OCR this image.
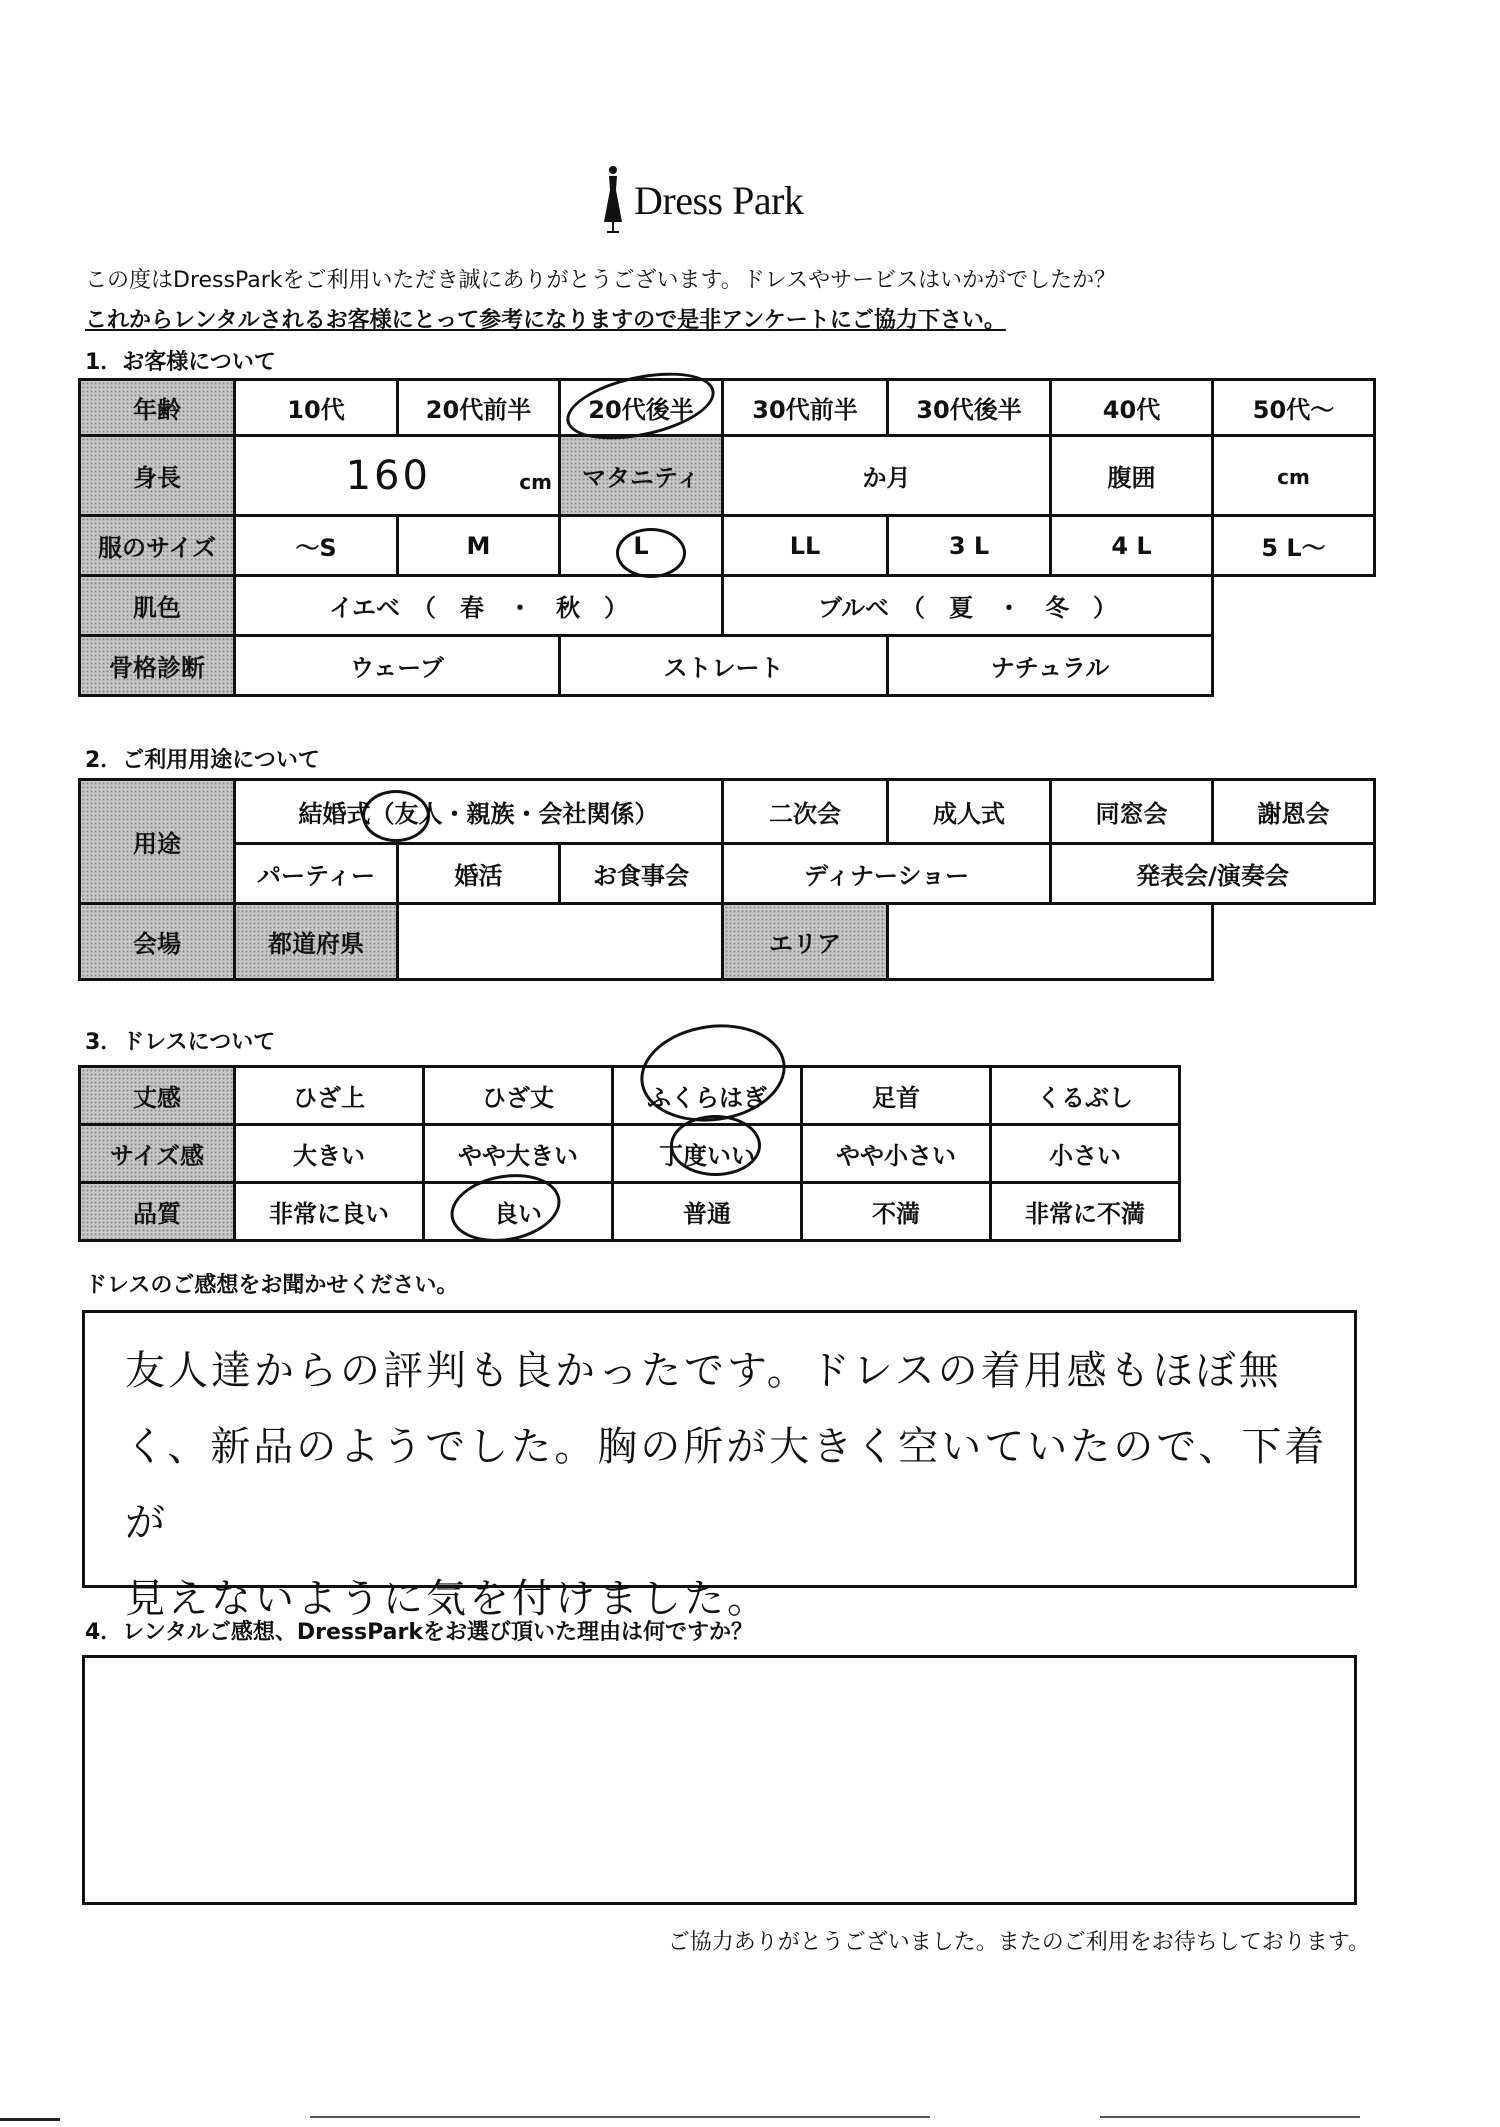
Dress Park
この度はDressParkをご利用いただき誠にありがとうございます。ドレスやサービスはいかがでしたか？
これからレンタルされるお客様にとって参考になりますので是非アンケートにご協力下さい。
1．お客様について
年齢	10代	20代前半	20代後半	30代前半	30代後半	40代	50代～
身長	160 cm		マタニティ	か月		腹囲	cm
服のサイズ	～S	M	L	LL	3 L	4 L	5 L～
肌色	イエベ　（　春　・　秋　）			ブルベ　（　夏　・　冬　）			
骨格診断	ウェーブ		ストレート		ナチュラル		
2．ご利用用途について
用途	結婚式（友人・親族・会社関係）			二次会	成人式	同窓会	謝恩会
	パーティー	婚活	お食事会	ディナーショー		発表会/演奏会	
会場	都道府県			エリア			
3．ドレスについて
丈感	ひざ上	ひざ丈	ふくらはぎ	足首	くるぶし
サイズ感	大きい	やや大きい	丁度いい	やや小さい	小さい
品質	非常に良い	良い	普通	不満	非常に不満
ドレスのご感想をお聞かせください。
友人達からの評判も良かったです。ドレスの着用感もほぼ無
く、新品のようでした。胸の所が大きく空いていたので、下着が
見えないように気を付けました。
4．レンタルご感想、DressParkをお選び頂いた理由は何ですか？
ご協力ありがとうございました。またのご利用をお待ちしております。
